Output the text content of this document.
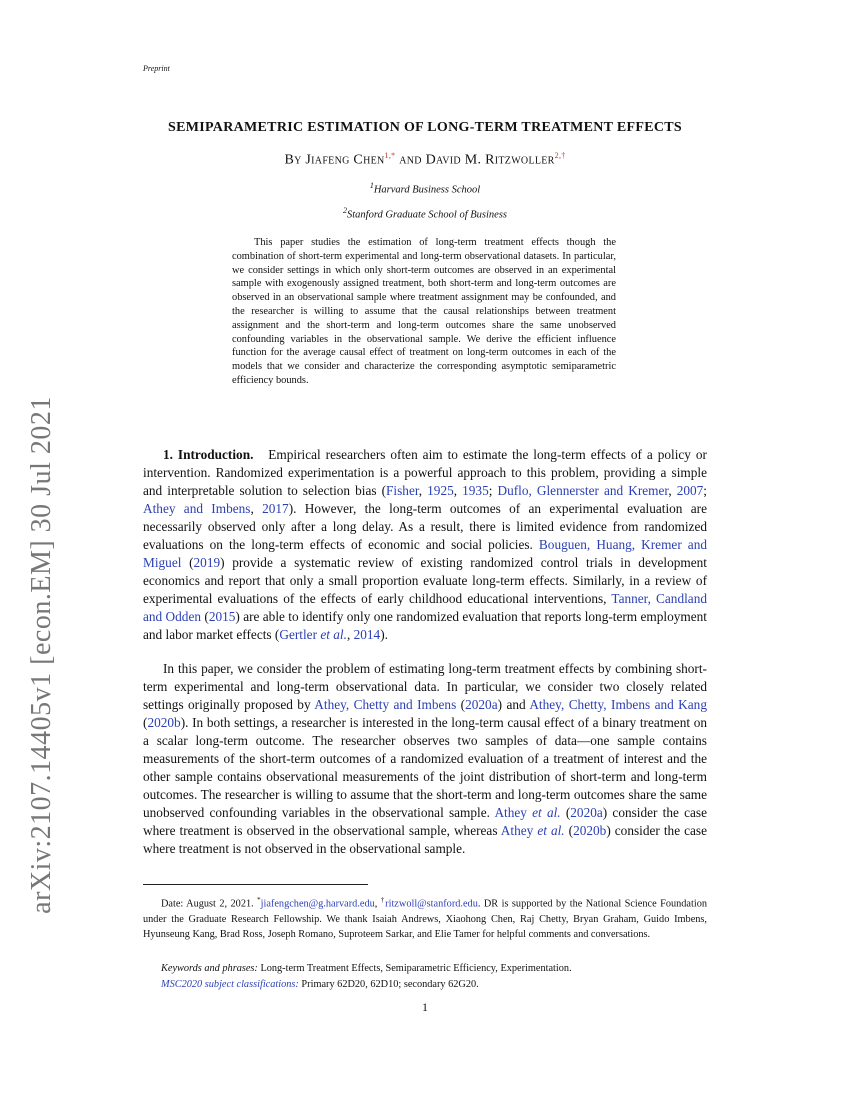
Preprint
arXiv:2107.14405v1 [econ.EM] 30 Jul 2021
SEMIPARAMETRIC ESTIMATION OF LONG-TERM TREATMENT EFFECTS
By Jiafeng Chen$^{1,*}$ and David M. Ritzwoller$^{2,\dagger}$
$^1$Harvard Business School
$^2$Stanford Graduate School of Business

This paper studies the estimation of long-term treatment effects though the combination of short-term experimental and long-term observational datasets. In particular, we consider settings in which only short-term outcomes are observed in an experimental sample with exogenously assigned treatment, both short-term and long-term outcomes are observed in an observational sample where treatment assignment may be confounded, and the researcher is willing to assume that the causal relationships between treatment assignment and the short-term and long-term outcomes share the same unobserved confounding variables in the observational sample. We derive the efficient influence function for the average causal effect of treatment on long-term outcomes in each of the models that we consider and characterize the corresponding asymptotic semiparametric efficiency bounds.

1. Introduction. Empirical researchers often aim to estimate the long-term effects of a policy or intervention. Randomized experimentation is a powerful approach to this problem, providing a simple and interpretable solution to selection bias (Fisher, 1925, 1935; Duflo, Glennerster and Kremer, 2007; Athey and Imbens, 2017). However, the long-term outcomes of an experimental evaluation are necessarily observed only after a long delay. As a result, there is limited evidence from randomized evaluations on the long-term effects of economic and social policies. Bouguen, Huang, Kremer and Miguel (2019) provide a systematic review of existing randomized control trials in development economics and report that only a small proportion evaluate long-term effects. Similarly, in a review of experimental evaluations of the effects of early childhood educational interventions, Tanner, Candland and Odden (2015) are able to identify only one randomized evaluation that reports long-term employment and labor market effects (Gertler et al., 2014).

In this paper, we consider the problem of estimating long-term treatment effects by combining short-term experimental and long-term observational data. In particular, we consider two closely related settings originally proposed by Athey, Chetty and Imbens (2020a) and Athey, Chetty, Imbens and Kang (2020b). In both settings, a researcher is interested in the long-term causal effect of a binary treatment on a scalar long-term outcome. The researcher observes two samples of data—one sample contains measurements of the short-term outcomes of a randomized evaluation of a treatment of interest and the other sample contains observational measurements of the joint distribution of short-term and long-term outcomes. The researcher is willing to assume that the short-term and long-term outcomes share the same unobserved confounding variables in the observational sample. Athey et al. (2020a) consider the case where treatment is observed in the observational sample, whereas Athey et al. (2020b) consider the case where treatment is not observed in the observational sample.

Date: August 2, 2021. *jiafengchen@g.harvard.edu, †ritzwoll@stanford.edu. DR is supported by the National Science Foundation under the Graduate Research Fellowship. We thank Isaiah Andrews, Xiaohong Chen, Raj Chetty, Bryan Graham, Guido Imbens, Hyunseung Kang, Brad Ross, Joseph Romano, Suproteem Sarkar, and Elie Tamer for helpful comments and conversations.

Keywords and phrases: Long-term Treatment Effects, Semiparametric Efficiency, Experimentation.

MSC2020 subject classifications: Primary 62D20, 62D10; secondary 62G20.

1
